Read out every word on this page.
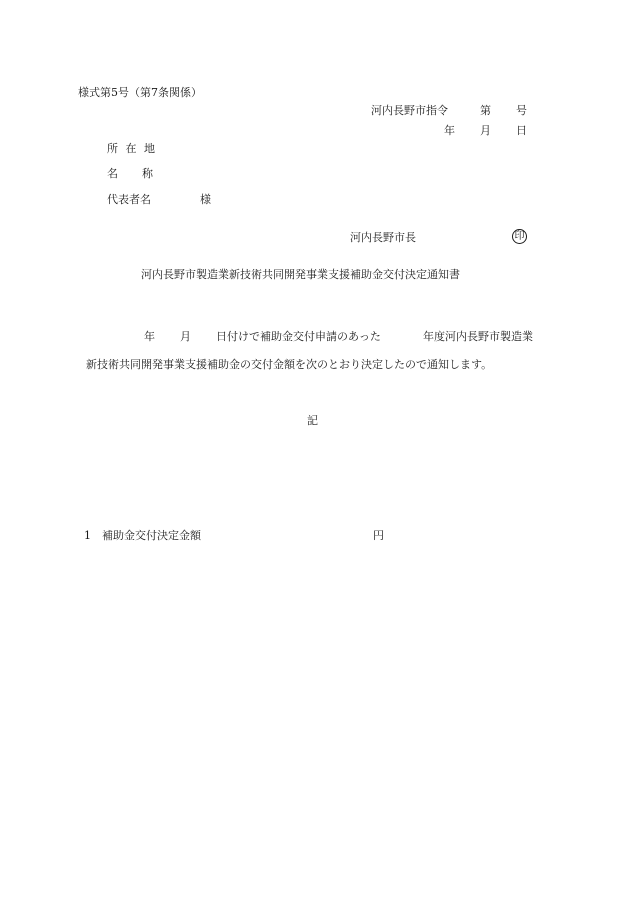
様式第5号（第7条関係）
河内長野市指令	第 号
年 月 日
所 在 地
名 称
代表者名	様
河内長野市長	印
河内長野市製造業新技術共同開発事業支援補助金交付決定通知書
年 月 日付けで補助金交付申請のあった	年度河内長野市製造業
新技術共同開発事業支援補助金の交付金額を次のとおり決定したので通知します。
記
1 補助金交付決定金額	円
